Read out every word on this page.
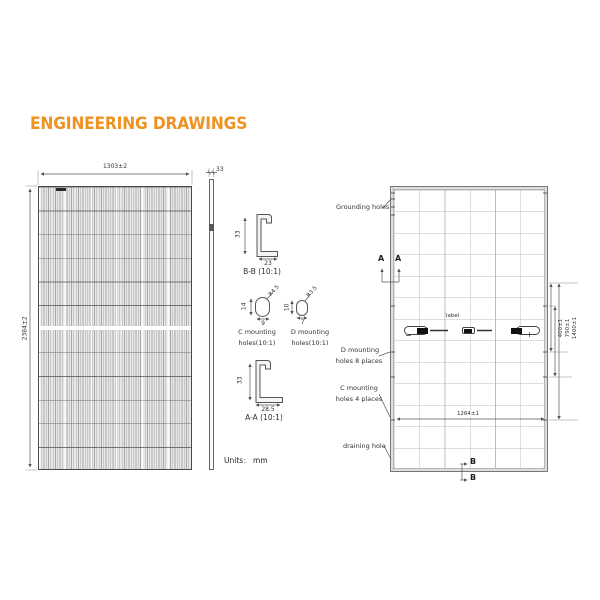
ENGINEERING DRAWINGS
1303±2
2384±2
33
33
23
B-B (10:1)
14
9
R4.5
C mounting
holes(10:1)
10
7
R3.5
D mounting
holes(10:1)
33
28.5
A-A (10:1)
Units： mm
label
−	+
Grounding holes
A A
D mounting
holes 8 places
C mounting
holes 4 places
draining hole
B
B
400±1 790±1 1400±1
1264±1
